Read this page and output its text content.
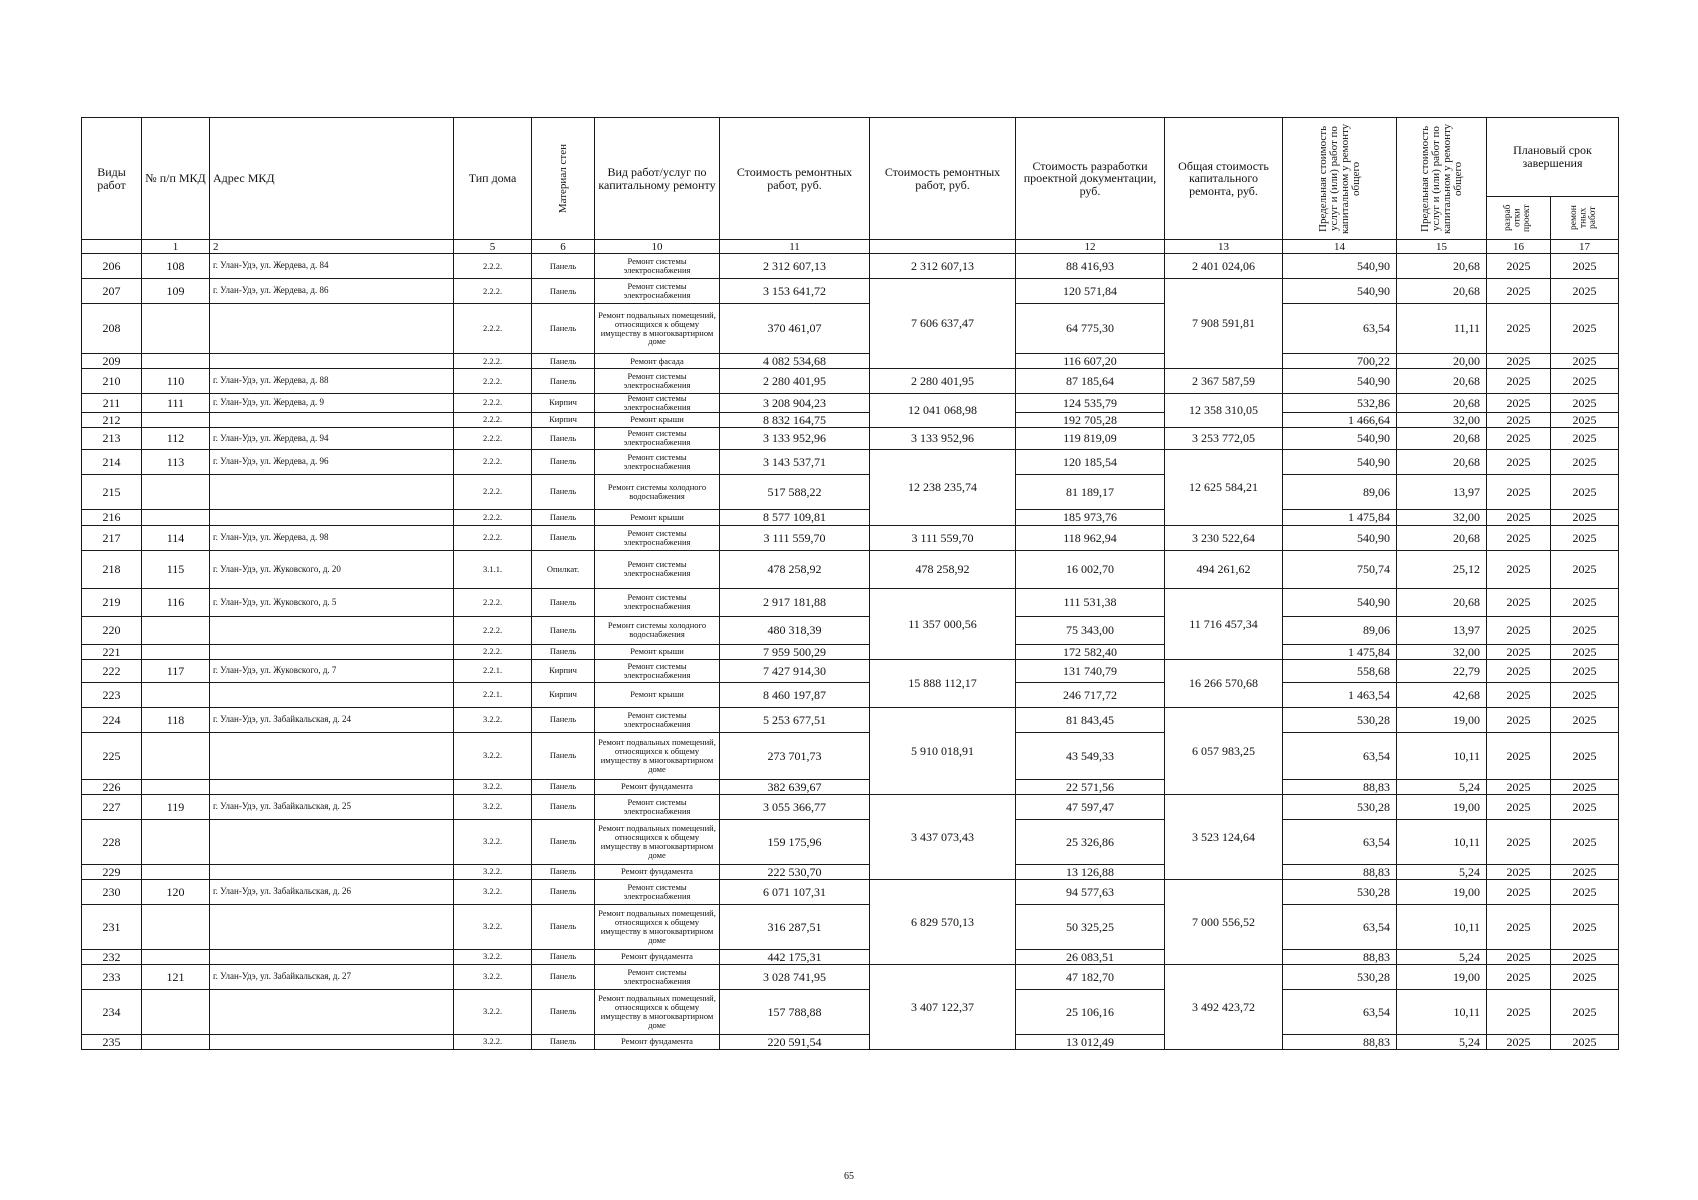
Виды работ	№ п/п МКД	Адрес МКД	Тип дома	Материал стен	Вид работ/услуг по капитальному ремонту	Стоимость ремонтных работ, руб.	Стоимость ремонтных работ, руб.	Стоимость разработки проектной документации, руб.	Общая стоимость капитального ремонта, руб.	Предельная стоимость услуг и (или) работ по капитальном у ремонту общего	Предельная стоимость услуг и (или) работ по капитальном у ремонту общего	Плановый срок завершения	

												разраб отки проект	ремон тных работ

	1	2	5	6	10	11		12	13	14	15	16	17
206	108	г. Улан-Удэ, ул. Жердева, д. 84	2.2.2.	Панель	Ремонт системы электроснабжения	2 312 607,13	2 312 607,13	88 416,93	2 401 024,06	540,90	20,68	2025	2025
207	109	г. Улан-Удэ, ул. Жердева, д. 86	2.2.2.	Панель	Ремонт системы электроснабжения	3 153 641,72	7 606 637,47	120 571,84	7 908 591,81	540,90	20,68	2025	2025
208			2.2.2.	Панель	Ремонт подвальных помещений, относящихся к общему имуществу в многоквартирном доме	370 461,07		64 775,30		63,54	11,11	2025	2025
209			2.2.2.	Панель	Ремонт фасада	4 082 534,68		116 607,20		700,22	20,00	2025	2025
210	110	г. Улан-Удэ, ул. Жердева, д. 88	2.2.2.	Панель	Ремонт системы электроснабжения	2 280 401,95	2 280 401,95	87 185,64	2 367 587,59	540,90	20,68	2025	2025
211	111	г. Улан-Удэ, ул. Жердева, д. 9	2.2.2.	Кирпич	Ремонт системы электроснабжения	3 208 904,23	12 041 068,98	124 535,79	12 358 310,05	532,86	20,68	2025	2025
212			2.2.2.	Кирпич	Ремонт крыши	8 832 164,75		192 705,28		1 466,64	32,00	2025	2025
213	112	г. Улан-Удэ, ул. Жердева, д. 94	2.2.2.	Панель	Ремонт системы электроснабжения	3 133 952,96	3 133 952,96	119 819,09	3 253 772,05	540,90	20,68	2025	2025
214	113	г. Улан-Удэ, ул. Жердева, д. 96	2.2.2.	Панель	Ремонт системы электроснабжения	3 143 537,71	12 238 235,74	120 185,54	12 625 584,21	540,90	20,68	2025	2025
215			2.2.2.	Панель	Ремонт системы холодного водоснабжения	517 588,22		81 189,17		89,06	13,97	2025	2025
216			2.2.2.	Панель	Ремонт крыши	8 577 109,81		185 973,76		1 475,84	32,00	2025	2025
217	114	г. Улан-Удэ, ул. Жердева, д. 98	2.2.2.	Панель	Ремонт системы электроснабжения	3 111 559,70	3 111 559,70	118 962,94	3 230 522,64	540,90	20,68	2025	2025
218	115	г. Улан-Удэ, ул. Жуковского, д. 20	3.1.1.	Опилкат.	Ремонт системы электроснабжения	478 258,92	478 258,92	16 002,70	494 261,62	750,74	25,12	2025	2025
219	116	г. Улан-Удэ, ул. Жуковского, д. 5	2.2.2.	Панель	Ремонт системы электроснабжения	2 917 181,88	11 357 000,56	111 531,38	11 716 457,34	540,90	20,68	2025	2025
220			2.2.2.	Панель	Ремонт системы холодного водоснабжения	480 318,39		75 343,00		89,06	13,97	2025	2025
221			2.2.2.	Панель	Ремонт крыши	7 959 500,29		172 582,40		1 475,84	32,00	2025	2025
222	117	г. Улан-Удэ, ул. Жуковского, д. 7	2.2.1.	Кирпич	Ремонт системы электроснабжения	7 427 914,30	15 888 112,17	131 740,79	16 266 570,68	558,68	22,79	2025	2025
223			2.2.1.	Кирпич	Ремонт крыши	8 460 197,87		246 717,72		1 463,54	42,68	2025	2025
224	118	г. Улан-Удэ, ул. Забайкальская, д. 24	3.2.2.	Панель	Ремонт системы электроснабжения	5 253 677,51	5 910 018,91	81 843,45	6 057 983,25	530,28	19,00	2025	2025
225			3.2.2.	Панель	Ремонт подвальных помещений, относящихся к общему имуществу в многоквартирном доме	273 701,73		43 549,33		63,54	10,11	2025	2025
226			3.2.2.	Панель	Ремонт фундамента	382 639,67		22 571,56		88,83	5,24	2025	2025
227	119	г. Улан-Удэ, ул. Забайкальская, д. 25	3.2.2.	Панель	Ремонт системы электроснабжения	3 055 366,77	3 437 073,43	47 597,47	3 523 124,64	530,28	19,00	2025	2025
228			3.2.2.	Панель	Ремонт подвальных помещений, относящихся к общему имуществу в многоквартирном доме	159 175,96		25 326,86		63,54	10,11	2025	2025
229			3.2.2.	Панель	Ремонт фундамента	222 530,70		13 126,88		88,83	5,24	2025	2025
230	120	г. Улан-Удэ, ул. Забайкальская, д. 26	3.2.2.	Панель	Ремонт системы электроснабжения	6 071 107,31	6 829 570,13	94 577,63	7 000 556,52	530,28	19,00	2025	2025
231			3.2.2.	Панель	Ремонт подвальных помещений, относящихся к общему имуществу в многоквартирном доме	316 287,51		50 325,25		63,54	10,11	2025	2025
232			3.2.2.	Панель	Ремонт фундамента	442 175,31		26 083,51		88,83	5,24	2025	2025
233	121	г. Улан-Удэ, ул. Забайкальская, д. 27	3.2.2.	Панель	Ремонт системы электроснабжения	3 028 741,95	3 407 122,37	47 182,70	3 492 423,72	530,28	19,00	2025	2025
234			3.2.2.	Панель	Ремонт подвальных помещений, относящихся к общему имуществу в многоквартирном доме	157 788,88		25 106,16		63,54	10,11	2025	2025
235			3.2.2.	Панель	Ремонт фундамента	220 591,54		13 012,49		88,83	5,24	2025	2025
65
